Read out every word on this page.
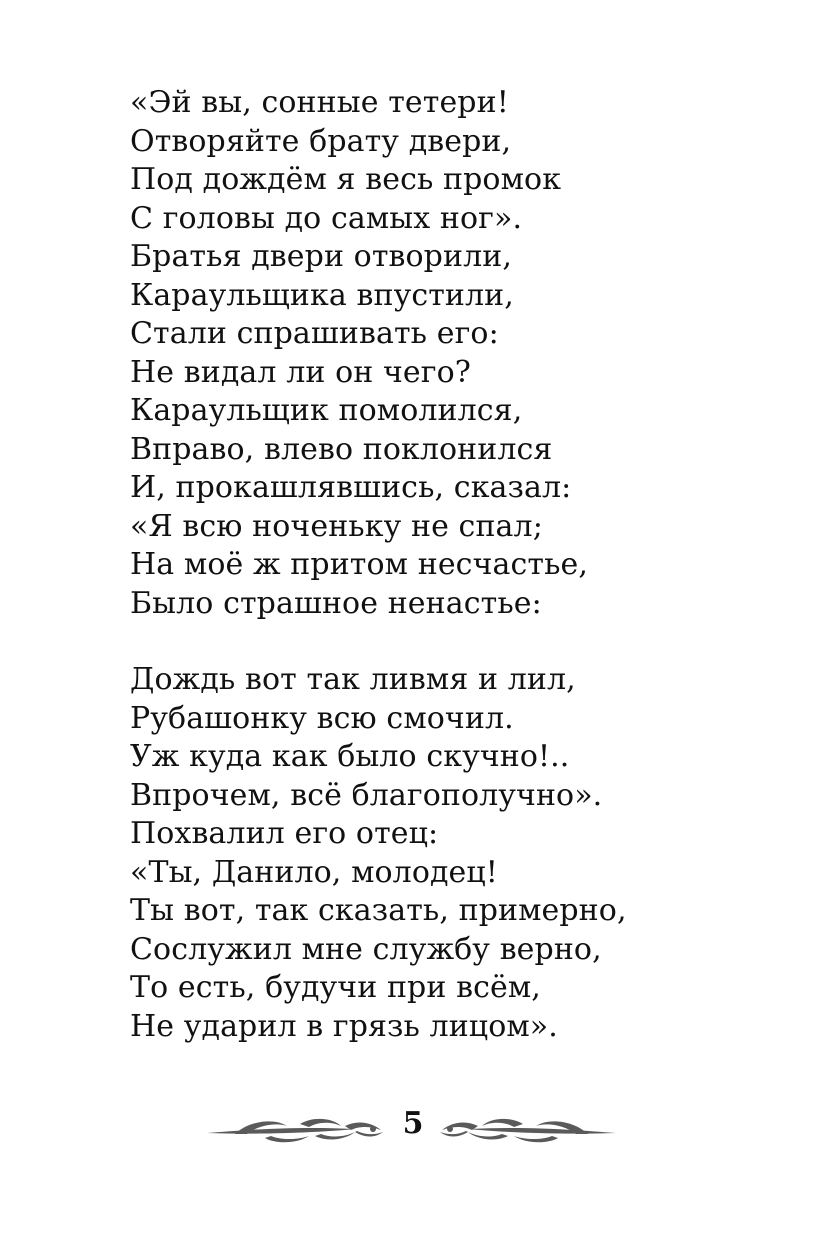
«Эй вы, сонные тетери!
Отворяйте брату двери,
Под дождём я весь промок
С головы до самых ног».
Братья двери отворили,
Караульщика впустили,
Стали спрашивать его:
Не видал ли он чего?
Караульщик помолился,
Вправо, влево поклонился
И, прокашлявшись, сказал:
«Я всю ноченьку не спал;
На моё ж притом несчастье,
Было страшное ненастье:
Дождь вот так ливмя и лил,
Рубашонку всю смочил.
Уж куда как было скучно!..
Впрочем, всё благополучно».
Похвалил его отец:
«Ты, Данило, молодец!
Ты вот, так сказать, примерно,
Сослужил мне службу верно,
То есть, будучи при всём,
Не ударил в грязь лицом».
5
